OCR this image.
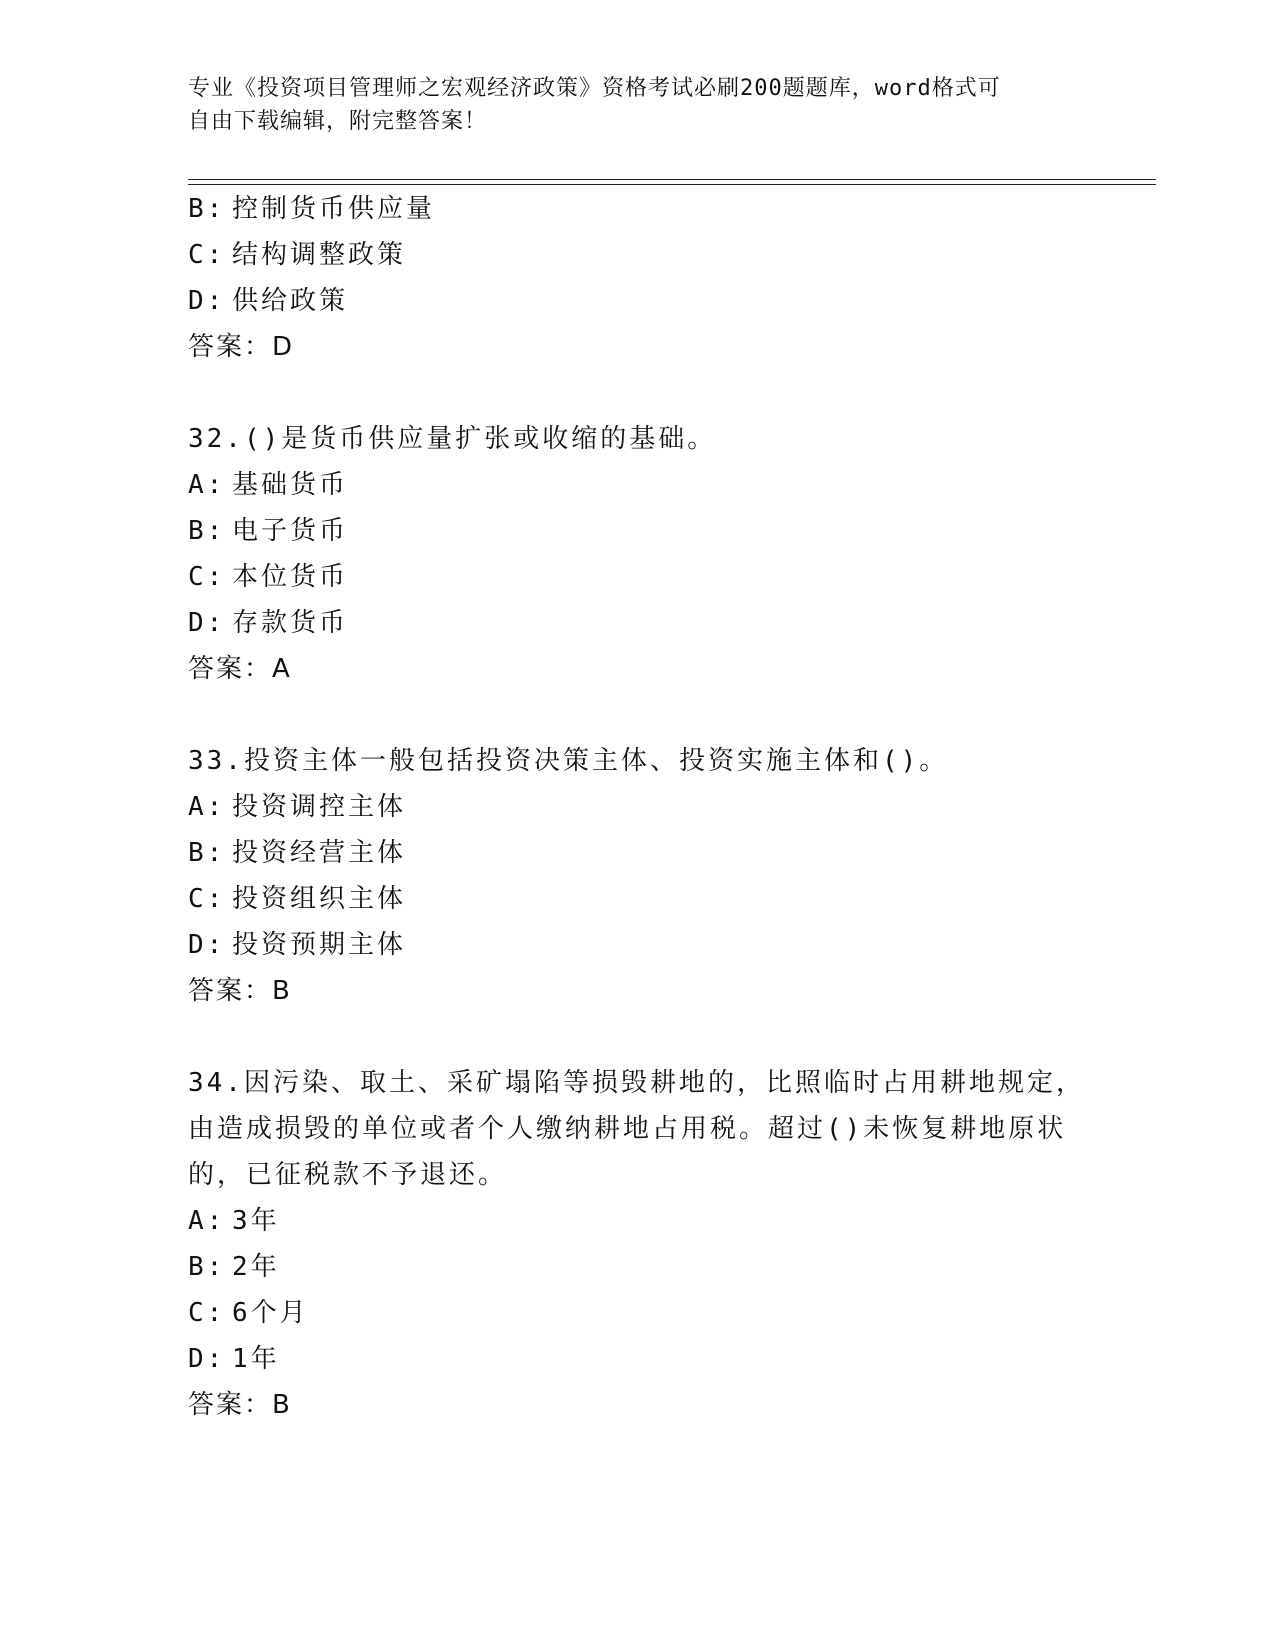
专业《投资项目管理师之宏观经济政策》资格考试必刷200题题库，word格式可
自由下载编辑，附完整答案！
B: 控制货币供应量
C: 结构调整政策
D: 供给政策
答案：D
32.()是货币供应量扩张或收缩的基础。
A: 基础货币
B: 电子货币
C: 本位货币
D: 存款货币
答案：A
33.投资主体一般包括投资决策主体、投资实施主体和()。
A: 投资调控主体
B: 投资经营主体
C: 投资组织主体
D: 投资预期主体
答案：B
34.因污染、取土、采矿塌陷等损毁耕地的，比照临时占用耕地规定，
由造成损毁的单位或者个人缴纳耕地占用税。超过()未恢复耕地原状
的，已征税款不予退还。
A: 3年
B: 2年
C: 6个月
D: 1年
答案：B
